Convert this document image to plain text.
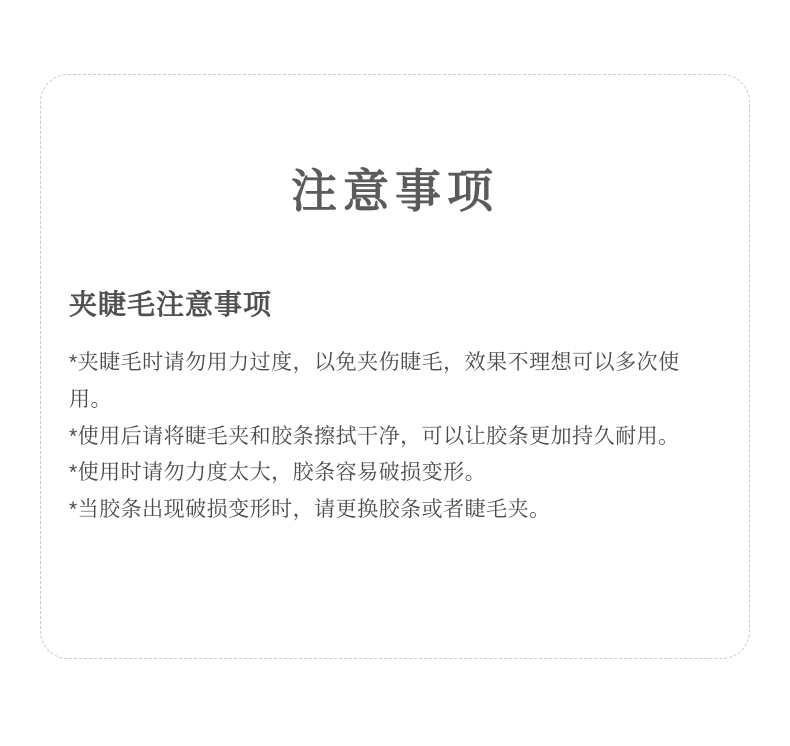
注意事项
夹睫毛注意事项
*夹睫毛时请勿用力过度，以免夹伤睫毛，效果不理想可以多次使用。
*使用后请将睫毛夹和胶条擦拭干净，可以让胶条更加持久耐用。
*使用时请勿力度太大，胶条容易破损变形。
*当胶条出现破损变形时，请更换胶条或者睫毛夹。
